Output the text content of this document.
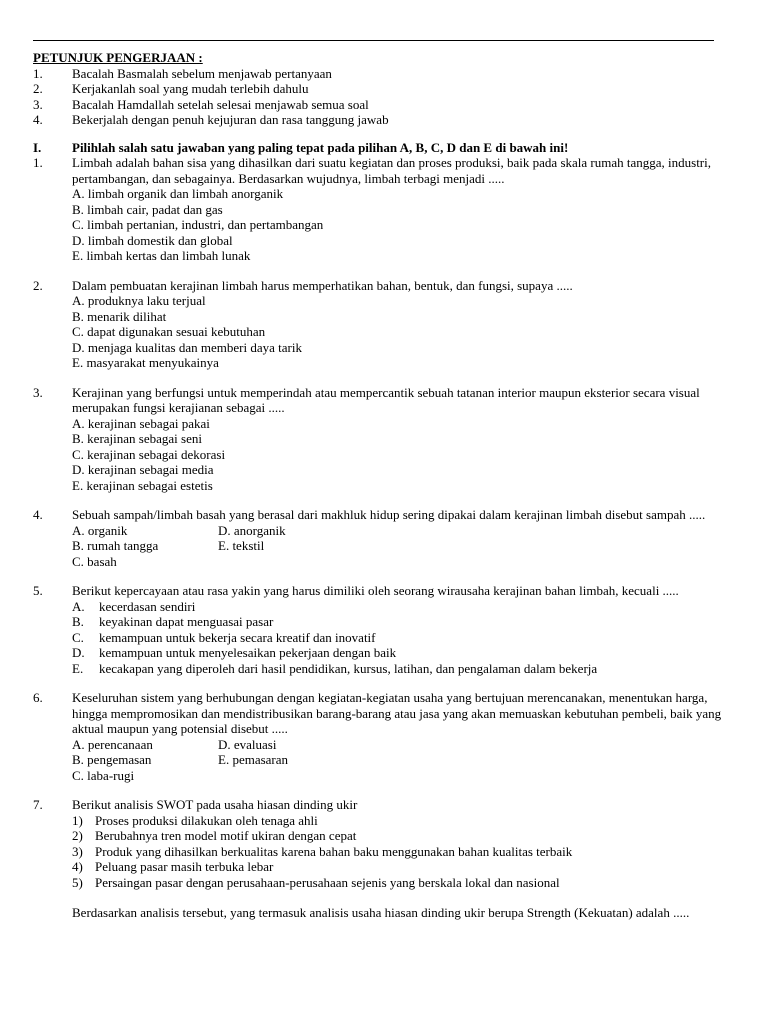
PETUNJUK PENGERJAAN :
1.	Bacalah Basmalah sebelum menjawab pertanyaan
2.	Kerjakanlah soal yang mudah terlebih dahulu
3.	Bacalah Hamdallah setelah selesai menjawab semua soal
4.	Bekerjalah dengan penuh kejujuran dan rasa tanggung jawab
I.	Pilihlah salah satu jawaban yang paling tepat pada pilihan A, B, C, D dan E di bawah ini!
1.	Limbah adalah bahan sisa yang dihasilkan dari suatu kegiatan dan proses produksi, baik pada skala rumah tangga, industri, pertambangan, dan sebagainya. Berdasarkan wujudnya, limbah terbagi menjadi .....
A. limbah organik dan limbah anorganik
B. limbah cair, padat dan gas
C. limbah pertanian, industri, dan pertambangan
D. limbah domestik dan global
E. limbah kertas dan limbah lunak
2.	Dalam pembuatan kerajinan limbah harus memperhatikan bahan, bentuk, dan fungsi, supaya .....
A. produknya laku terjual
B. menarik dilihat
C. dapat digunakan sesuai kebutuhan
D. menjaga kualitas dan memberi daya tarik
E. masyarakat menyukainya
3.	Kerajinan yang berfungsi untuk memperindah atau mempercantik sebuah tatanan interior maupun eksterior secara visual merupakan fungsi kerajianan sebagai .....
A. kerajinan sebagai pakai
B. kerajinan sebagai seni
C. kerajinan sebagai dekorasi
D. kerajinan sebagai media
E. kerajinan sebagai estetis
4.	Sebuah sampah/limbah basah yang berasal dari makhluk hidup sering dipakai dalam kerajinan limbah disebut sampah .....
A. organik	D. anorganik
B. rumah tangga	E. tekstil
C. basah
5.	Berikut kepercayaan atau rasa yakin yang harus dimiliki oleh seorang wirausaha kerajinan bahan limbah, kecuali .....
A. kecerdasan sendiri
B. keyakinan dapat menguasai pasar
C. kemampuan untuk bekerja secara kreatif dan inovatif
D. kemampuan untuk menyelesaikan pekerjaan dengan baik
E. kecakapan yang diperoleh dari hasil pendidikan, kursus, latihan, dan pengalaman dalam bekerja
6.	Keseluruhan sistem yang berhubungan dengan kegiatan-kegiatan usaha yang bertujuan merencanakan, menentukan harga, hingga mempromosikan dan mendistribusikan barang-barang atau jasa yang akan memuaskan kebutuhan pembeli, baik yang aktual maupun yang potensial disebut .....
A. perencanaan	D. evaluasi
B. pengemasan	E. pemasaran
C. laba-rugi
7.	Berikut analisis SWOT pada usaha hiasan dinding ukir
1) Proses produksi dilakukan oleh tenaga ahli
2) Berubahnya tren model motif ukiran dengan cepat
3) Produk yang dihasilkan berkualitas karena bahan baku menggunakan bahan kualitas terbaik
4) Peluang pasar masih terbuka lebar
5) Persaingan pasar dengan perusahaan-perusahaan sejenis yang berskala lokal dan nasional
Berdasarkan analisis tersebut, yang termasuk analisis usaha hiasan dinding ukir berupa Strength (Kekuatan) adalah .....
